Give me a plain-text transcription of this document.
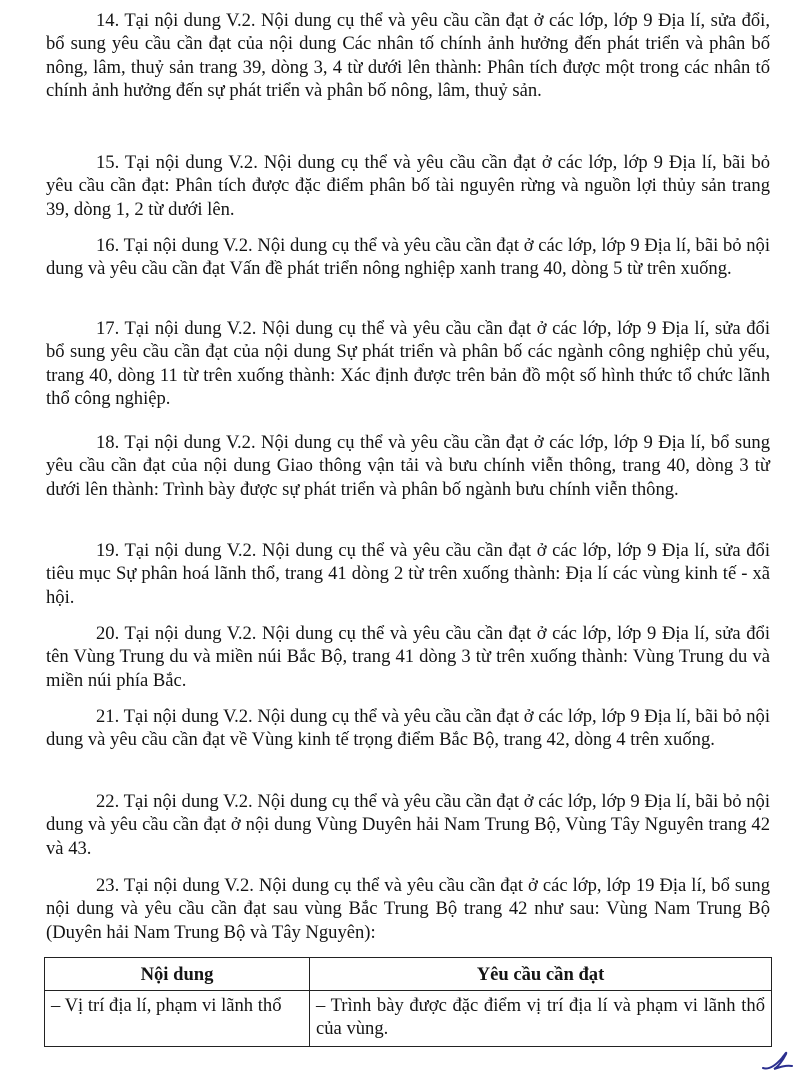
14. Tại nội dung V.2. Nội dung cụ thể và yêu cầu cần đạt ở các lớp, lớp 9 Địa lí, sửa đổi, bổ sung yêu cầu cần đạt của nội dung Các nhân tố chính ảnh hưởng đến phát triển và phân bố nông, lâm, thuỷ sản trang 39, dòng 3, 4 từ dưới lên thành: Phân tích được một trong các nhân tố chính ảnh hưởng đến sự phát triển và phân bố nông, lâm, thuỷ sản.

15. Tại nội dung V.2. Nội dung cụ thể và yêu cầu cần đạt ở các lớp, lớp 9 Địa lí, bãi bỏ yêu cầu cần đạt: Phân tích được đặc điểm phân bố tài nguyên rừng và nguồn lợi thủy sản trang 39, dòng 1, 2 từ dưới lên.

16. Tại nội dung V.2. Nội dung cụ thể và yêu cầu cần đạt ở các lớp, lớp 9 Địa lí, bãi bỏ nội dung và yêu cầu cần đạt Vấn đề phát triển nông nghiệp xanh trang 40, dòng 5 từ trên xuống.

17. Tại nội dung V.2. Nội dung cụ thể và yêu cầu cần đạt ở các lớp, lớp 9 Địa lí, sửa đổi bổ sung yêu cầu cần đạt của nội dung Sự phát triển và phân bố các ngành công nghiệp chủ yếu, trang 40, dòng 11 từ trên xuống thành: Xác định được trên bản đồ một số hình thức tổ chức lãnh thổ công nghiệp.

18. Tại nội dung V.2. Nội dung cụ thể và yêu cầu cần đạt ở các lớp, lớp 9 Địa lí, bổ sung yêu cầu cần đạt của nội dung Giao thông vận tải và bưu chính viễn thông, trang 40, dòng 3 từ dưới lên thành: Trình bày được sự phát triển và phân bố ngành bưu chính viễn thông.

19. Tại nội dung V.2. Nội dung cụ thể và yêu cầu cần đạt ở các lớp, lớp 9 Địa lí, sửa đổi tiêu mục Sự phân hoá lãnh thổ, trang 41 dòng 2 từ trên xuống thành: Địa lí các vùng kinh tế - xã hội.

20. Tại nội dung V.2. Nội dung cụ thể và yêu cầu cần đạt ở các lớp, lớp 9 Địa lí, sửa đổi tên Vùng Trung du và miền núi Bắc Bộ, trang 41 dòng 3 từ trên xuống thành: Vùng Trung du và miền núi phía Bắc.

21. Tại nội dung V.2. Nội dung cụ thể và yêu cầu cần đạt ở các lớp, lớp 9 Địa lí, bãi bỏ nội dung và yêu cầu cần đạt về Vùng kinh tế trọng điểm Bắc Bộ, trang 42, dòng 4 trên xuống.

22. Tại nội dung V.2. Nội dung cụ thể và yêu cầu cần đạt ở các lớp, lớp 9 Địa lí, bãi bỏ nội dung và yêu cầu cần đạt ở nội dung Vùng Duyên hải Nam Trung Bộ, Vùng Tây Nguyên trang 42 và 43.

23. Tại nội dung V.2. Nội dung cụ thể và yêu cầu cần đạt ở các lớp, lớp 19 Địa lí, bổ sung nội dung và yêu cầu cần đạt sau vùng Bắc Trung Bộ trang 42 như sau: Vùng Nam Trung Bộ (Duyên hải Nam Trung Bộ và Tây Nguyên):

Nội dung	Yêu cầu cần đạt
– Vị trí địa lí, phạm vi lãnh thổ	– Trình bày được đặc điểm vị trí địa lí và phạm vi lãnh thổ của vùng.
